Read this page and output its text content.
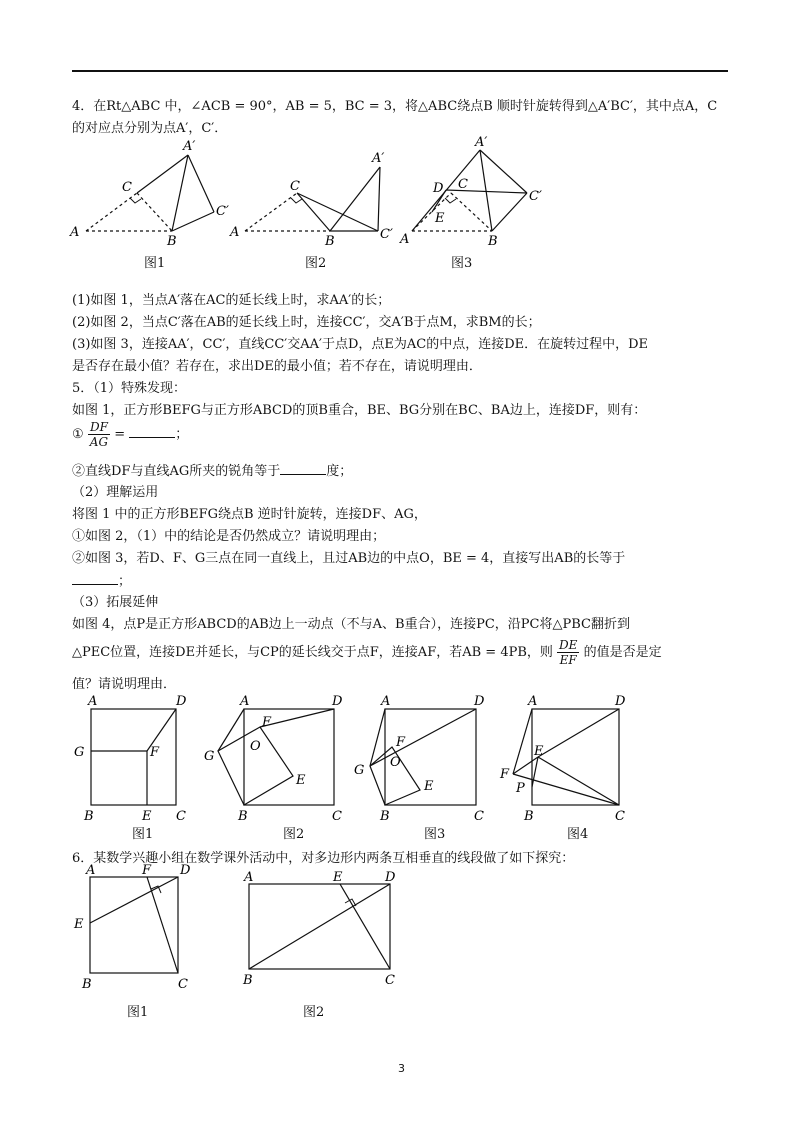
4．在Rt△ABC 中，∠ACB = 90°，AB = 5，BC = 3，将△ABC绕点B 顺时针旋转得到△A′BC′，其中点A，C
的对应点分别为点A′，C′．
A
C
A′
C′
B
A
C
A′
C′
B
D C
A′
C′
E
A	B
图1	图2	图3
(1)如图 1，当点A′落在AC的延长线上时，求AA′的长；
(2)如图 2，当点C′落在AB的延长线上时，连接CC′，交A′B于点M，求BM的长；
(3)如图 3，连接AA′，CC′，直线CC′交AA′于点D，点E为AC的中点，连接DE．在旋转过程中，DE
是否存在最小值？若存在，求出DE的最小值；若不存在，请说明理由．
5．（1）特殊发现：
如图 1，正方形BEFG与正方形ABCD的顶B重合，BE、BG分别在BC、BA边上，连接DF，则有：
① $\frac{DF}{AG}$ =	；
②直线DF与直线AG所夹的锐角等于	度；
（2）理解运用
将图 1 中的正方形BEFG绕点B 逆时针旋转，连接DF、AG，
①如图 2，（1）中的结论是否仍然成立？请说明理由；
②如图 3，若D、F、G三点在同一直线上，且过AB边的中点O，BE = 4，直接写出AB的长等于
；
（3）拓展延伸
如图 4，点P是正方形ABCD的AB边上一动点（不与A、B重合），连接PC，沿PC将△PBC翻折到
△PEC位置，连接DE并延长，与CP的延长线交于点F，连接AF，若AB = 4PB，则 $\frac{DE}{EF}$ 的值是否是定
值？请说明理由．
A	D
G	F
B	E C
A	D
F
O
G
E
B	C
A	D
F
O
G
E
B	C
A	D
E
F
P
B	C
图1	图2	图3	图4
6．某数学兴趣小组在数学课外活动中，对多边形内两条互相垂直的线段做了如下探究：
A	F D
E
B	C
A	E	D
B	C
图1	图2
3
